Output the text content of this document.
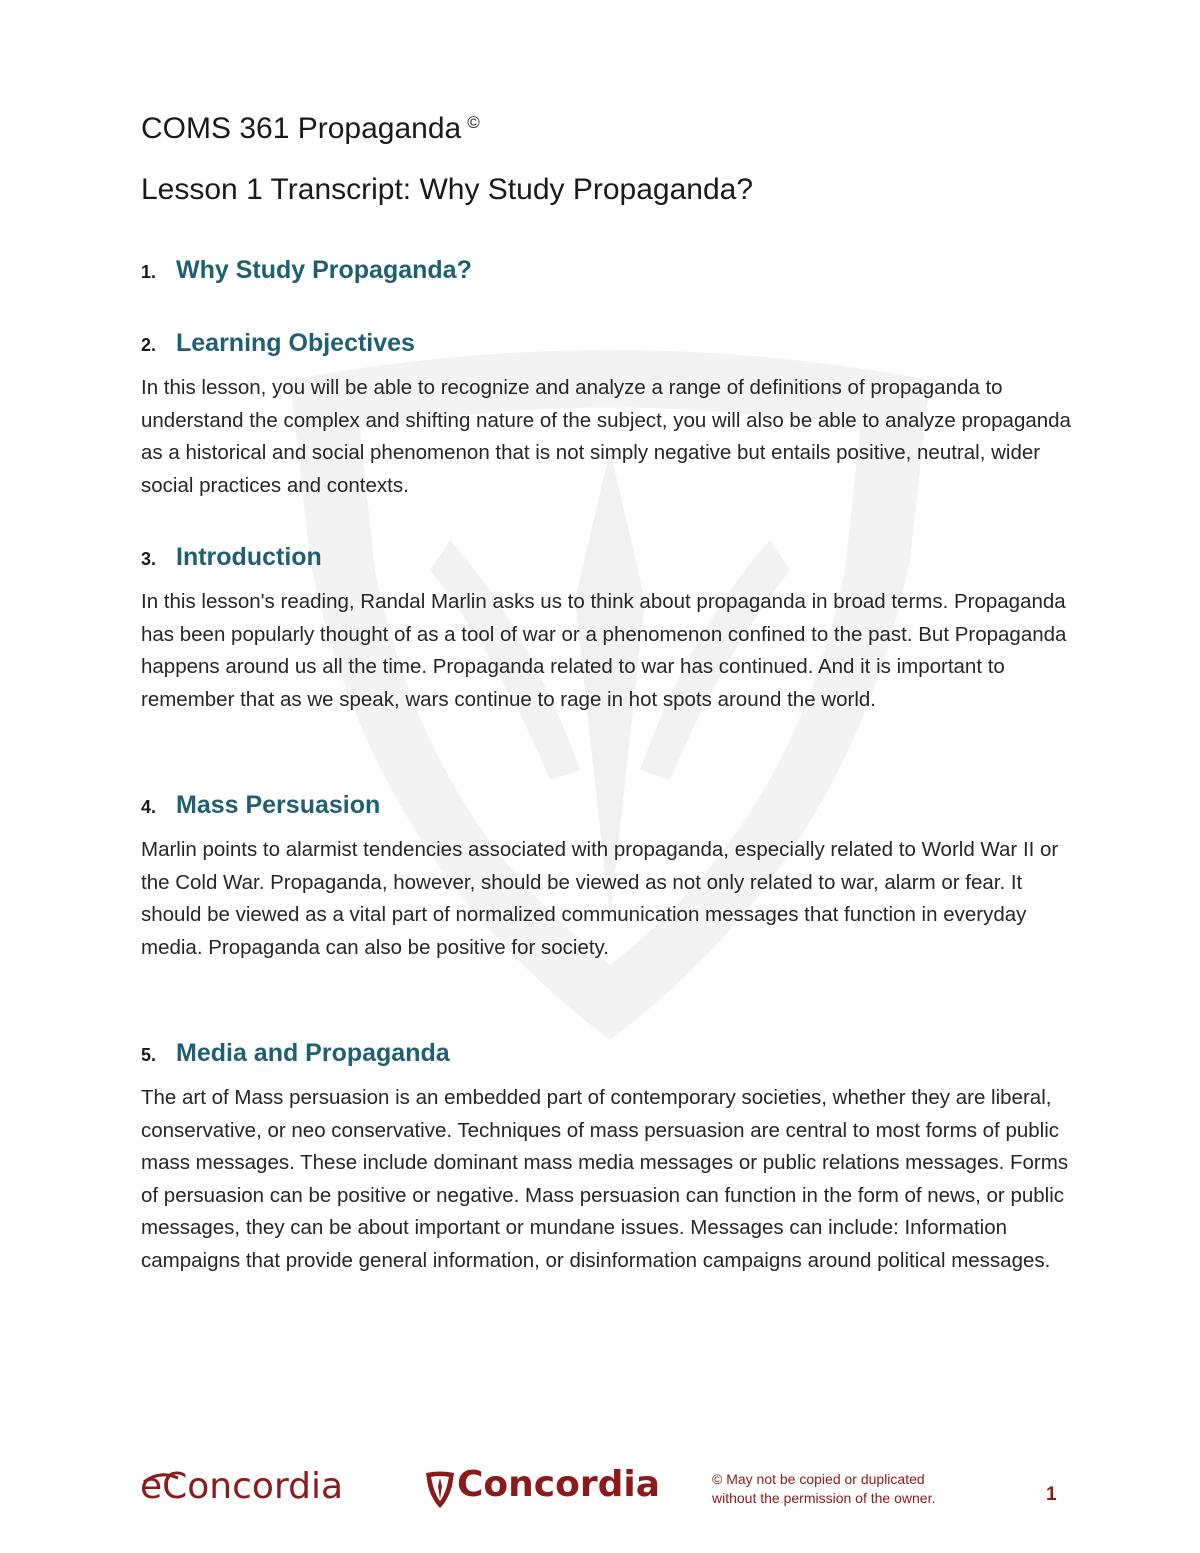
COMS 361 Propaganda ©
Lesson 1 Transcript: Why Study Propaganda?
1. Why Study Propaganda?
2. Learning Objectives

In this lesson, you will be able to recognize and analyze a range of definitions of propaganda to understand the complex and shifting nature of the subject, you will also be able to analyze propaganda as a historical and social phenomenon that is not simply negative but entails positive, neutral, wider social practices and contexts.

3. Introduction

In this lesson's reading, Randal Marlin asks us to think about propaganda in broad terms. Propaganda has been popularly thought of as a tool of war or a phenomenon confined to the past. But Propaganda happens around us all the time. Propaganda related to war has continued. And it is important to remember that as we speak, wars continue to rage in hot spots around the world.

4. Mass Persuasion

Marlin points to alarmist tendencies associated with propaganda, especially related to World War II or the Cold War. Propaganda, however, should be viewed as not only related to war, alarm or fear. It should be viewed as a vital part of normalized communication messages that function in everyday media. Propaganda can also be positive for society.

5. Media and Propaganda

The art of Mass persuasion is an embedded part of contemporary societies, whether they are liberal, conservative, or neo conservative. Techniques of mass persuasion are central to most forms of public mass messages. These include dominant mass media messages or public relations messages. Forms of persuasion can be positive or negative. Mass persuasion can function in the form of news, or public messages, they can be about important or mundane issues. Messages can include: Information campaigns that provide general information, or disinformation campaigns around political messages.

eConcordia	Concordia	© May not be copied or duplicated
without the permission of the owner.	1
